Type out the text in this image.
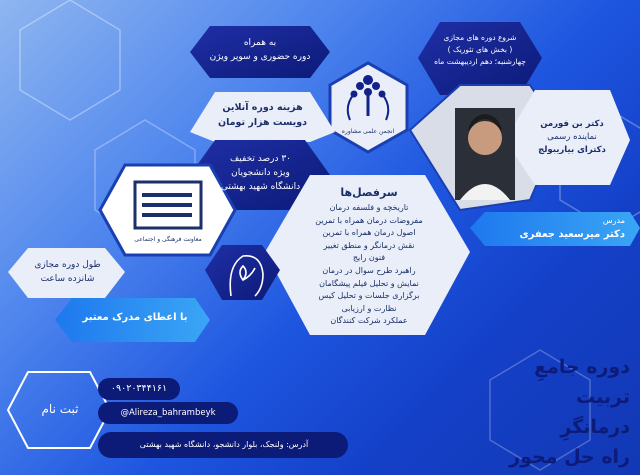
به همراه
دوره حضوری و سوپر ویژن
انجمن علمی مشاوره
شروع دوره های مجازی
( بخش های تئوریک )
چهارشنبه؛ دهم اردیبهشت ماه
هزینه دوره آنلاین
دویست هزار تومان
۳۰ درصد تخفیف
ویژه دانشجویان
دانشگاه شهید بهشتی
دکتر بن فورمن
نماینده رسمی
دکترای بیاریبولج
مدرس
دکتر میرسعید جعفری
معاونت فرهنگی و اجتماعی
سرفصل‌ها
تاریخچه و فلسفه درمان
مفروضات درمان همراه با تمرین
اصول درمان همراه با تمرین
نقش درمانگر و منطق تغییر
فنون رایج
راهبرد طرح سوال در درمان
نمایش و تحلیل فیلم پیشگامان
برگزاری جلسات و تحلیل کیس
نظارت و ارزیابی
عملکرد شرکت کنندگان
طول دوره مجازی
شانزده ساعت
با اعطای مدرک معتبر
دوره جامعِ
تربیت
درمانگرِ
راه حل محور
ثبت نام
۰۹۰۲۰۳۴۴۱۶۱
@Alireza_bahrambeyk
آدرس: ولنجک، بلوار دانشجو، دانشگاه شهید بهشتی
